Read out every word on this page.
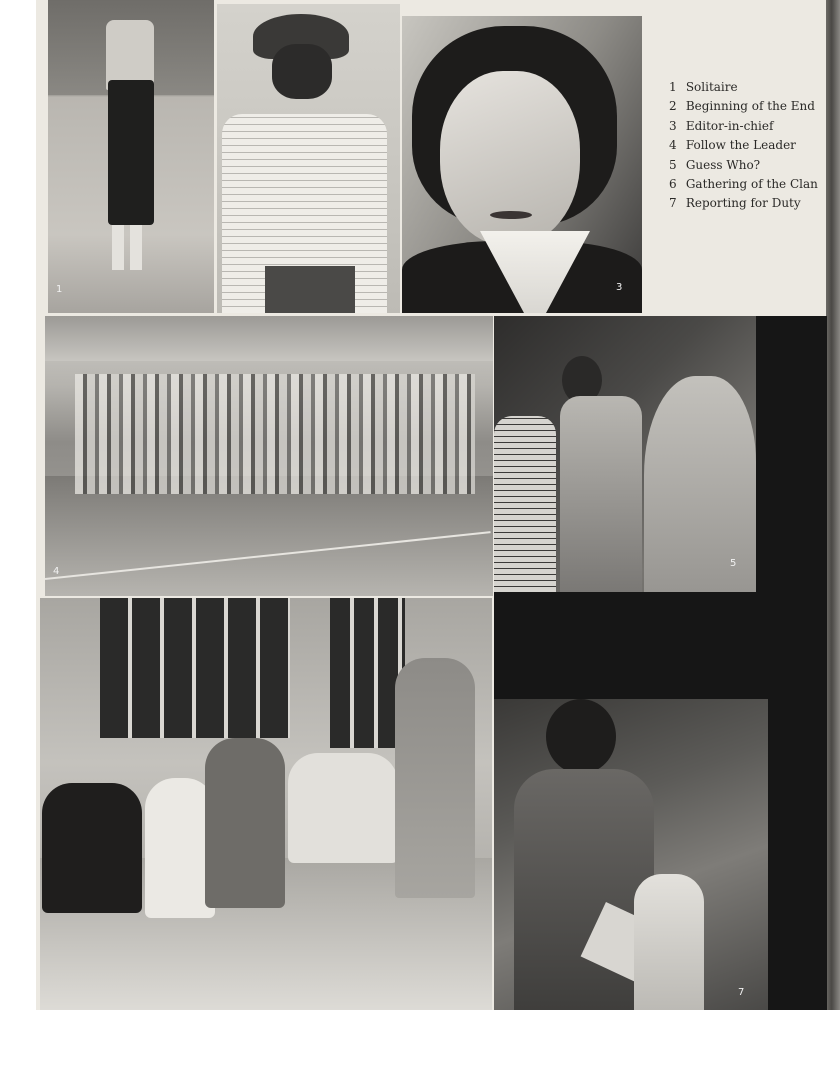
1	3
4
5
7
1 Solitaire
2 Beginning of the End
3 Editor-in-chief
4 Follow the Leader
5 Guess Who?
6 Gathering of the Clan
7 Reporting for Duty
